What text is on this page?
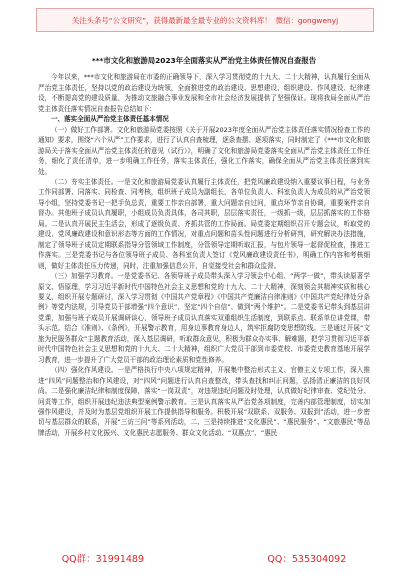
关注头条号“公文研究”，获得最新最全最专业的公文资料库！ 微信：gongwenyj
***市文化和旅游局2023年全面落实从严治党主体责任情况自查报告

今年以来，***市文化和旅游局在市委的正确领导下，深入学习贯彻党的十九大、二十大精神，认真履行全面从严治党主体责任，坚持以党的政治建设为统领，全面推进党的政治建设、思想建设、组织建设、作风建设、纪律建设，不断提高党的建设质量，为推动文旅融合事业发展和全市社会经济发展提供了坚强保证。现将我局全面从严治党主体责任落实情况自查报告总结如下：

一、落实全面从严治党主体责任基本情况

（一）做好工作部署。文化和旅游局党委按照《关于开展2023年度全面从严治党主体责任落实情况检查工作的通知》要求，围绕“六个从严”工作要求，进行了认真自查梳理，逐条查摆、逐项落实，同时制定了《***市文化和旅游局关于落实全面从严治党主体责任的意见（试行）》，明确了文化和旅游局党委落实全面从严治党主体责任工作任务，细化了责任清单，进一步明确工作任务，落实主体责任，强化工作落实，确保全面从严治党主体责任落到实处。

（二）夯实主体责任。一是文化和旅游局党委认真履行主体责任，把党风廉政建设纳入重要议事日程，与业务工作同部署、同落实、同检查、同考核，组织班子成员为副组长，各单位负责人、科室负责人为成员的从严治党领导小组，坚持党委书记一把手负总责，重要工作亲自部署，重大问题亲自过问，重点环节亲自协调，重要案件亲自督办。其他班子成员认真履职，小组成员负责具体，各司其职，层层落实责任，一级抓一级，层层抓落实的工作格局。二是认真开展民主生活会，形成了逐级负责、齐抓共管的工作局面。局党委定期组织召开专题会议，听取党的建设、党风廉政建设和意识形态等方面的工作情况，对重点问题和苗头性问题进行分析研判，研究解决办法措施，制定了领导班子成员定期联系指导分管领域工作制度，分管领导定期听取汇报，与包片领导一起督促检查，推进工作落实。三是党委书记与各位领导班子成员、各科室负责人签订《党风廉政建设责任书》，明确工作内容和考核细则，做好主体责任压力传递，同时，注重加强信息公开，自觉接受社会和群众监督。

（三）加强学习教育。一是党委书记、各领导班子成员带头深入学习领会中心组、“两学一做”，带头读原著学原文、悟原理，学习习近平新时代中国特色社会主义思想和党的十九大、二十大精神，深刻领会其精神实质和核心要义，组织开展专题研讨，深入学习贯彻《中国共产党章程》《中国共产党廉洁自律准则》《中国共产党纪律处分条例》等党内法规，引导党员干部增强“四个意识”、坚定“四个自信”、做到“两个维护”。二是党委书记带头到基层讲党课，加强与班子成员开展调研谈心，领导班子成员认真落实双重组织生活制度，到联系点、联系单位讲党课，带头示范，结合《准则》、《条例》，开展警示教育，用身边事教育身边人，筑牢拒腐防变思想防线。三是通过开展“文旅为民服务群众”主题教育活动，深入基层调研，听取群众意见，积极为群众办实事、解难题，把学习贯彻习近平新时代中国特色社会主义思想和党的十九大、二十大精神，组织广大党员干部到市委党校、市委党史教育基地开展学习教育，进一步提升了广大党员干部的政治理论素质和党性修养。

（四）强化作风建设。一是严格执行中央八项规定精神，开展集中整治形式主义、官僚主义专项工作，深入推进“四风”问题整治和作风建设，对“四风”问题进行认真自查整改，带头查找和纠正问题，弘扬清正廉洁的良好风尚。二是强化廉洁纪律和制度保障，落实“一岗双责”，对违规违纪问题及时处理，认真做好纪律审查、党纪处分、问责等工作，组织开展违纪违法典型案例警示教育。三是认真落实从严治党各项制度，完善内部管理制度，切实加强作风建设，并及时为基层党组织开展工作提供指导和服务。积极开展“双联系、双服务、双报到”活动，进一步密切与基层群众的联系，开展“三访三问”等系列活动，二、三是持续推进“文化惠民”、“惠民服务”、“文旅惠民”等品牌活动，开展乡村文化振兴、文化惠民志愿服务、群众文化活动、“双惠点”、“惠民

QQ群：31991489	QQ：535304092
